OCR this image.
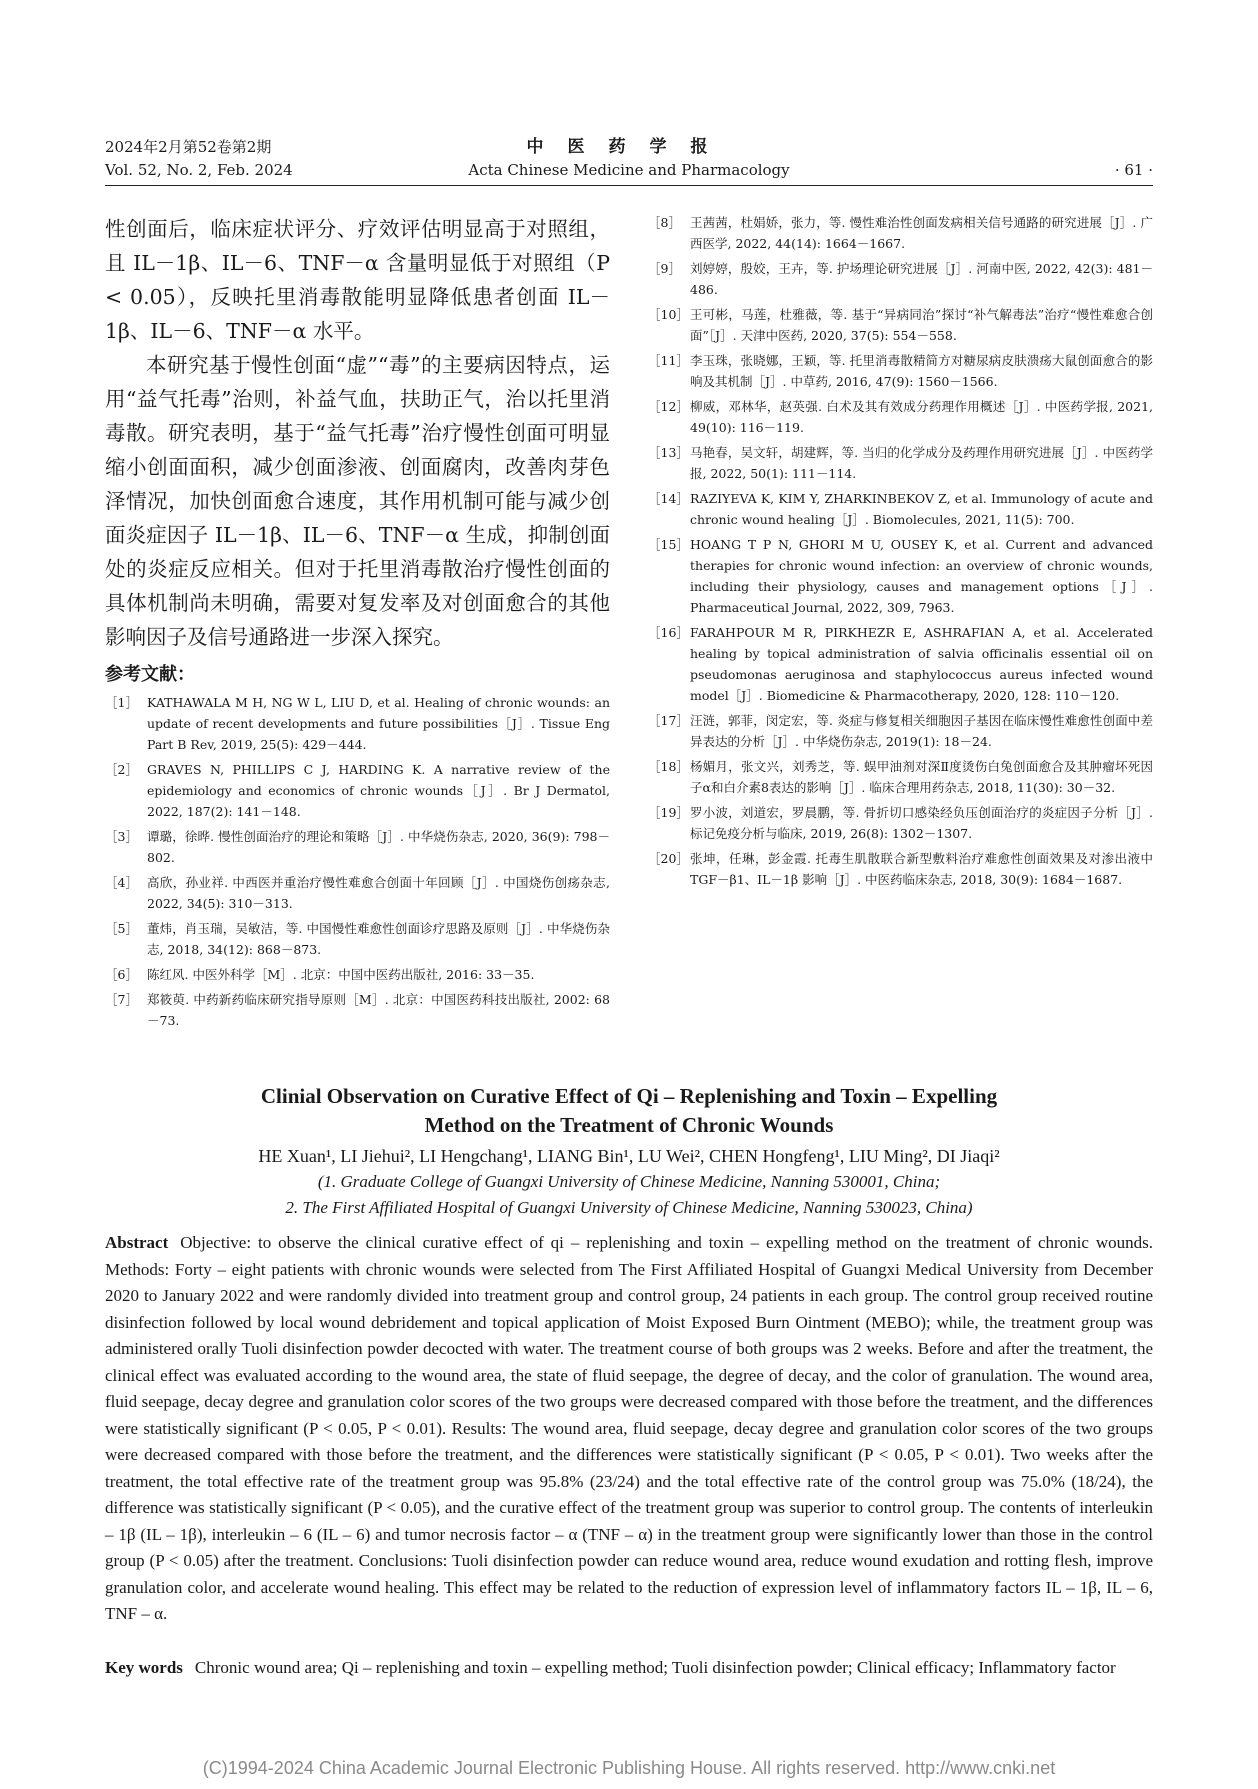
2024年2月第52卷第2期
Vol. 52, No. 2, Feb. 2024
中医药学报
Acta Chinese Medicine and Pharmacology	· 61 ·

性创面后，临床症状评分、疗效评估明显高于对照组，且 IL－1β、IL－6、TNF－α 含量明显低于对照组（P < 0.05），反映托里消毒散能明显降低患者创面 IL－1β、IL－6、TNF－α 水平。

本研究基于慢性创面“虚”“毒”的主要病因特点，运用“益气托毒”治则，补益气血，扶助正气，治以托里消毒散。研究表明，基于“益气托毒”治疗慢性创面可明显缩小创面面积，减少创面渗液、创面腐肉，改善肉芽色泽情况，加快创面愈合速度，其作用机制可能与减少创面炎症因子 IL－1β、IL－6、TNF－α 生成，抑制创面处的炎症反应相关。但对于托里消毒散治疗慢性创面的具体机制尚未明确，需要对复发率及对创面愈合的其他影响因子及信号通路进一步深入探究。

参考文献：
［1］ KATHAWALA M H, NG W L, LIU D, et al. Healing of chronic wounds: an update of recent developments and future possibilities［J］. Tissue Eng Part B Rev, 2019, 25(5): 429－444.
［2］ GRAVES N, PHILLIPS C J, HARDING K. A narrative review of the epidemiology and economics of chronic wounds［J］. Br J Dermatol, 2022, 187(2): 141－148.
［3］ 谭璐，徐晔. 慢性创面治疗的理论和策略［J］. 中华烧伤杂志, 2020, 36(9): 798－802.
［4］ 高欣，孙业祥. 中西医并重治疗慢性难愈合创面十年回顾［J］. 中国烧伤创疡杂志, 2022, 34(5): 310－313.
［5］ 董炜，肖玉瑞，吴敏洁，等. 中国慢性难愈性创面诊疗思路及原则［J］. 中华烧伤杂志, 2018, 34(12): 868－873.
［6］ 陈红风. 中医外科学［M］. 北京：中国中医药出版社, 2016: 33－35.
［7］ 郑筱萸. 中药新药临床研究指导原则［M］. 北京：中国医药科技出版社, 2002: 68－73.
［8］ 王茜茜，杜娟娇，张力，等. 慢性难治性创面发病相关信号通路的研究进展［J］. 广西医学, 2022, 44(14): 1664－1667.
［9］ 刘婷婷，殷姣，王卉，等. 护场理论研究进展［J］. 河南中医, 2022, 42(3): 481－486.
［10］ 王可彬，马莲，杜雅薇，等. 基于“异病同治”探讨“补气解毒法”治疗“慢性难愈合创面”［J］. 天津中医药, 2020, 37(5): 554－558.
［11］ 李玉珠，张晓娜，王颖，等. 托里消毒散精简方对糖尿病皮肤溃疡大鼠创面愈合的影响及其机制［J］. 中草药, 2016, 47(9): 1560－1566.
［12］ 柳威，邓林华，赵英强. 白术及其有效成分药理作用概述［J］. 中医药学报, 2021, 49(10): 116－119.
［13］ 马艳春，吴文轩，胡建辉，等. 当归的化学成分及药理作用研究进展［J］. 中医药学报, 2022, 50(1): 111－114.
［14］ RAZIYEVA K, KIM Y, ZHARKINBEKOV Z, et al. Immunology of acute and chronic wound healing［J］. Biomolecules, 2021, 11(5): 700.
［15］ HOANG T P N, GHORI M U, OUSEY K, et al. Current and advanced therapies for chronic wound infection: an overview of chronic wounds, including their physiology, causes and management options［J］. Pharmaceutical Journal, 2022, 309, 7963.
［16］ FARAHPOUR M R, PIRKHEZR E, ASHRAFIAN A, et al. Accelerated healing by topical administration of salvia officinalis essential oil on pseudomonas aeruginosa and staphylococcus aureus infected wound model［J］. Biomedicine & Pharmacotherapy, 2020, 128: 110－120.
［17］ 汪涟，郭菲，闵定宏，等. 炎症与修复相关细胞因子基因在临床慢性难愈性创面中差异表达的分析［J］. 中华烧伤杂志, 2019(1): 18－24.
［18］ 杨媚月，张文兴，刘秀芝，等. 蜈甲油剂对深Ⅱ度烫伤白兔创面愈合及其肿瘤坏死因子α和白介素8表达的影响［J］. 临床合理用药杂志, 2018, 11(30): 30－32.
［19］ 罗小波，刘道宏，罗晨鹏，等. 骨折切口感染经负压创面治疗的炎症因子分析［J］. 标记免疫分析与临床, 2019, 26(8): 1302－1307.
［20］ 张坤，任琳，彭金霞. 托毒生肌散联合新型敷料治疗难愈性创面效果及对渗出液中 TGF－β1、IL－1β 影响［J］. 中医药临床杂志, 2018, 30(9): 1684－1687.
Clinial Observation on Curative Effect of Qi – Replenishing and Toxin – Expelling
Method on the Treatment of Chronic Wounds
HE Xuan¹, LI Jiehui², LI Hengchang¹, LIANG Bin¹, LU Wei², CHEN Hongfeng¹, LIU Ming², DI Jiaqi²
(1. Graduate College of Guangxi University of Chinese Medicine, Nanning 530001, China;
2. The First Affiliated Hospital of Guangxi University of Chinese Medicine, Nanning 530023, China)
Abstract Objective: to observe the clinical curative effect of qi – replenishing and toxin – expelling method on the treatment of chronic wounds. Methods: Forty – eight patients with chronic wounds were selected from The First Affiliated Hospital of Guangxi Medical University from December 2020 to January 2022 and were randomly divided into treatment group and control group, 24 patients in each group. The control group received routine disinfection followed by local wound debridement and topical application of Moist Exposed Burn Ointment (MEBO); while, the treatment group was administered orally Tuoli disinfection powder decocted with water. The treatment course of both groups was 2 weeks. Before and after the treatment, the clinical effect was evaluated according to the wound area, the state of fluid seepage, the degree of decay, and the color of granulation. The wound area, fluid seepage, decay degree and granulation color scores of the two groups were decreased compared with those before the treatment, and the differences were statistically significant (P < 0.05, P < 0.01). Results: The wound area, fluid seepage, decay degree and granulation color scores of the two groups were decreased compared with those before the treatment, and the differences were statistically significant (P < 0.05, P < 0.01). Two weeks after the treatment, the total effective rate of the treatment group was 95.8% (23/24) and the total effective rate of the control group was 75.0% (18/24), the difference was statistically significant (P < 0.05), and the curative effect of the treatment group was superior to control group. The contents of interleukin – 1β (IL – 1β), interleukin – 6 (IL – 6) and tumor necrosis factor – α (TNF – α) in the treatment group were significantly lower than those in the control group (P < 0.05) after the treatment. Conclusions: Tuoli disinfection powder can reduce wound area, reduce wound exudation and rotting flesh, improve granulation color, and accelerate wound healing. This effect may be related to the reduction of expression level of inflammatory factors IL – 1β, IL – 6, TNF – α.
Key words Chronic wound area; Qi – replenishing and toxin – expelling method; Tuoli disinfection powder; Clinical efficacy; Inflammatory factor
(C)1994-2024 China Academic Journal Electronic Publishing House. All rights reserved. http://www.cnki.net
